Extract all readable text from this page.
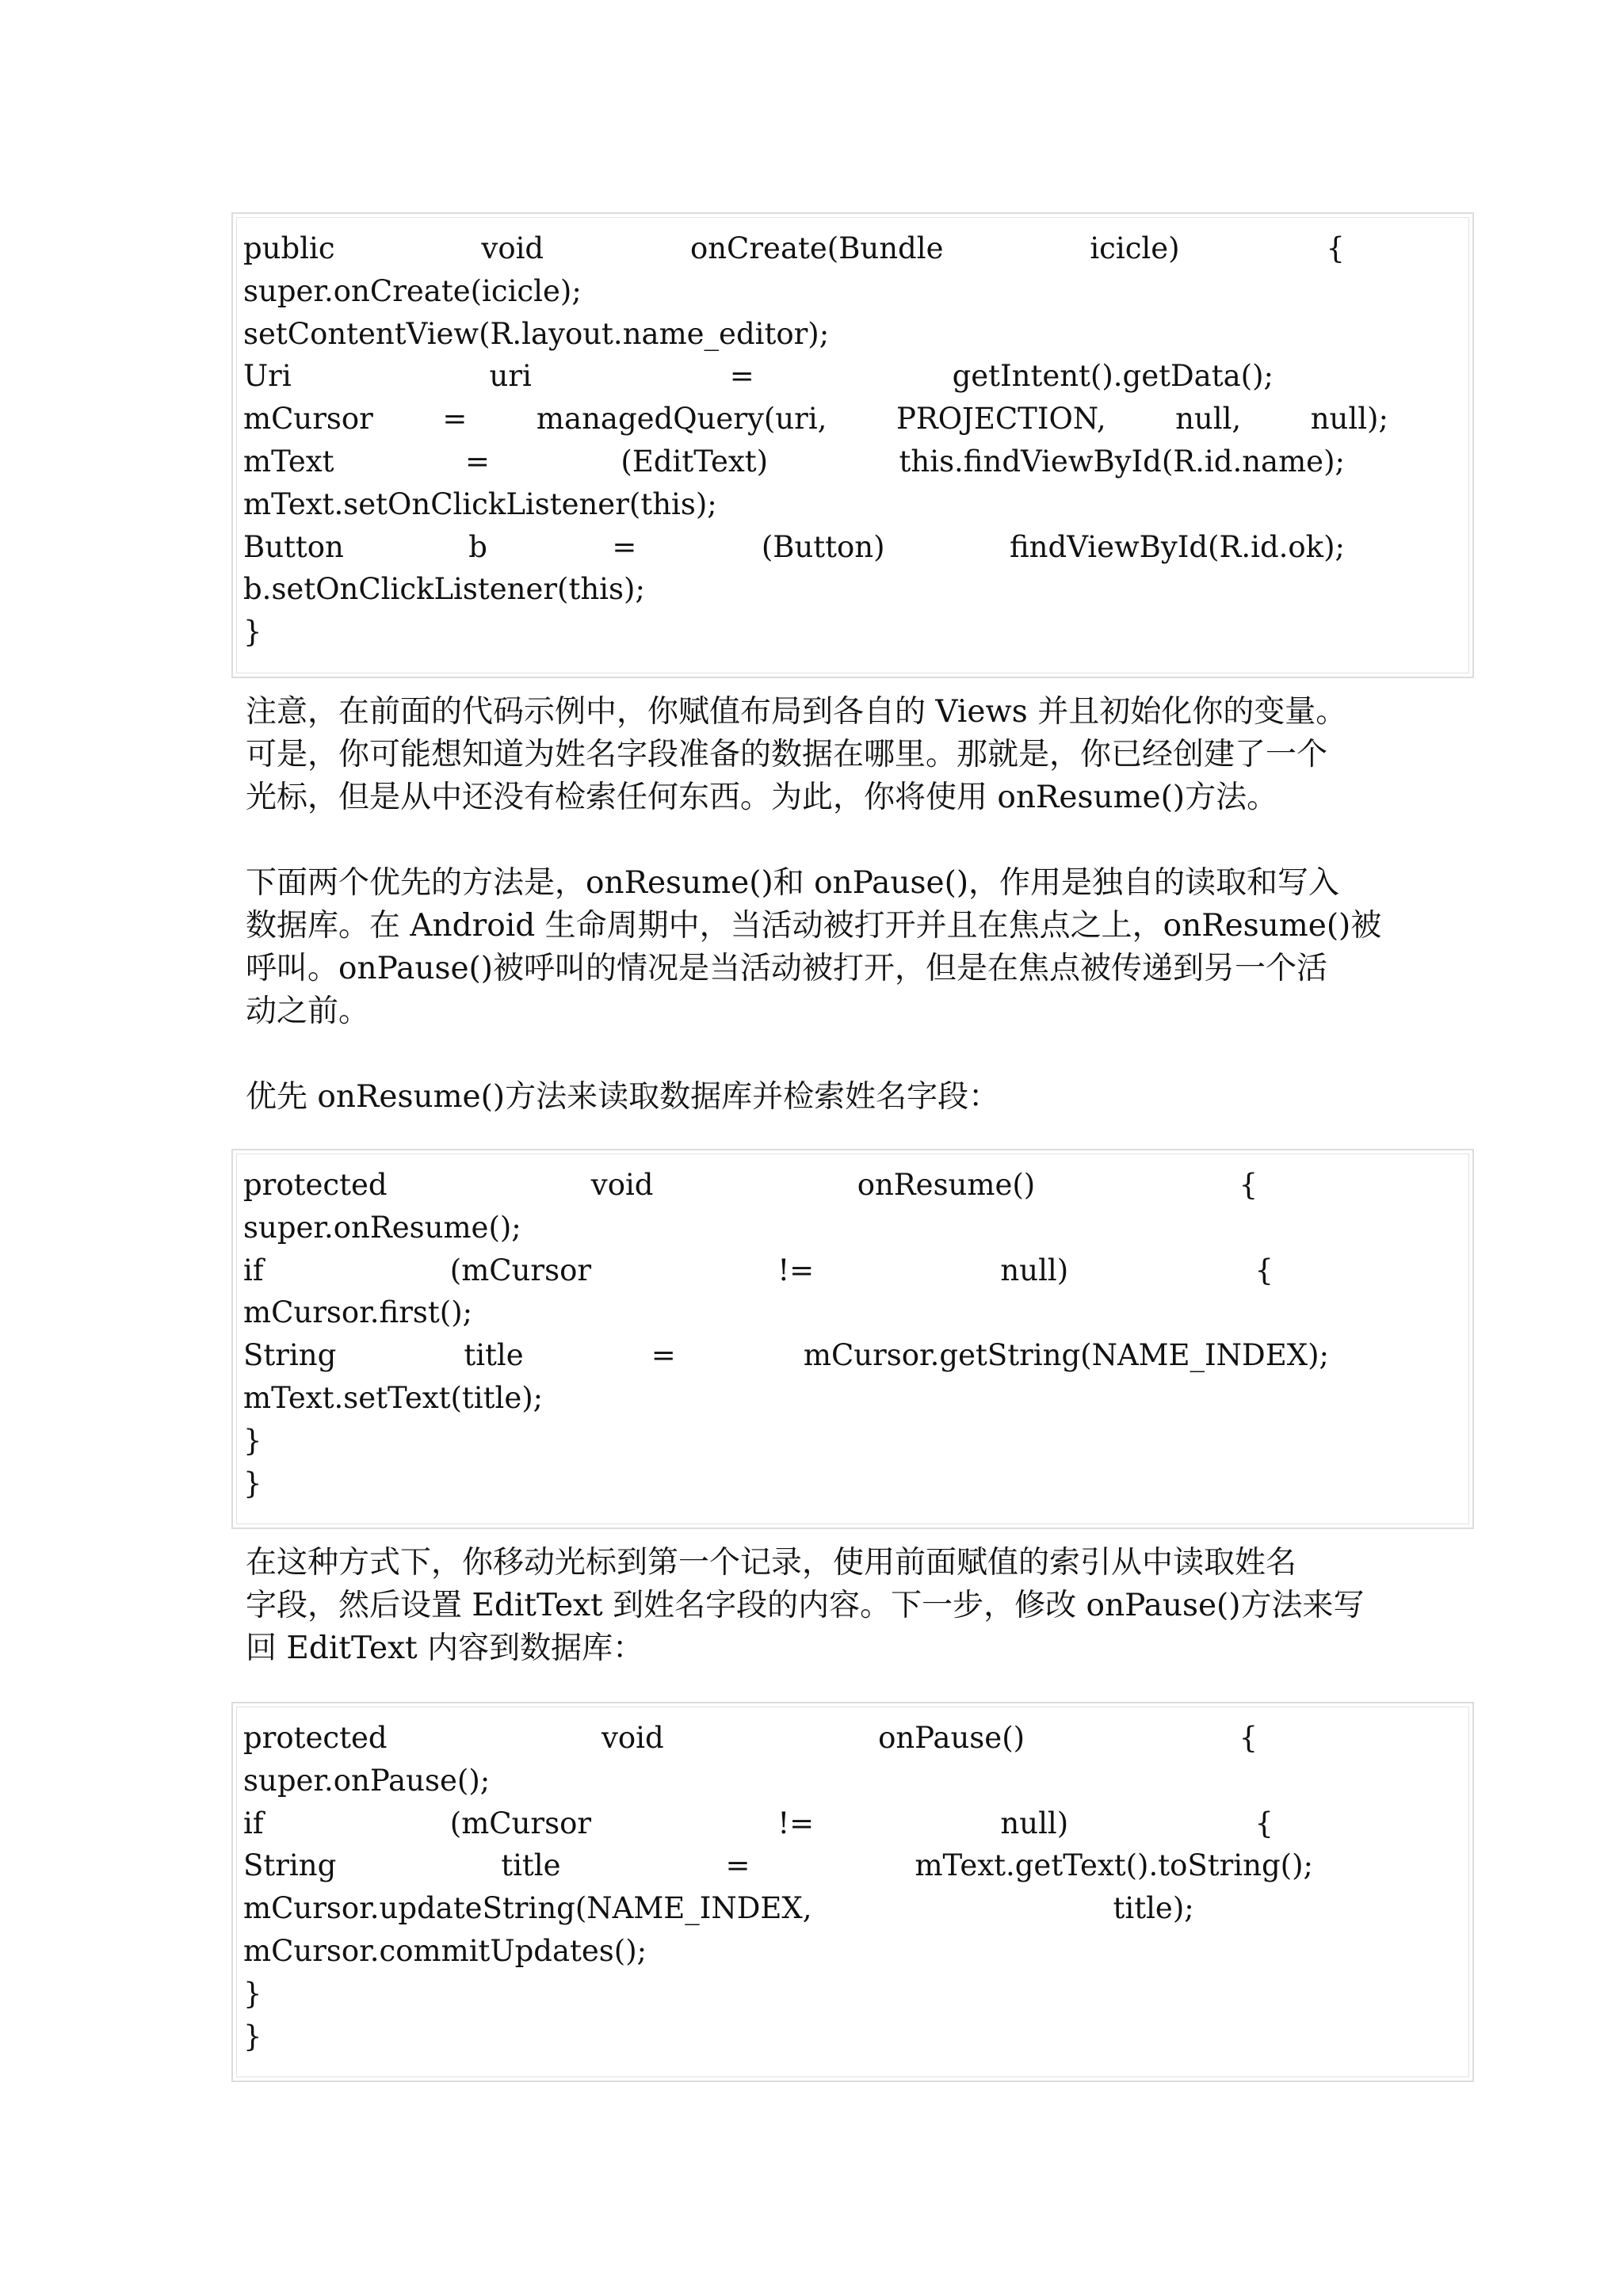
public	void	onCreate(Bundle	icicle)	{
super.onCreate(icicle);
setContentView(R.layout.name_editor);
Uri	uri	=	getIntent().getData();
mCursor = managedQuery(uri, PROJECTION, null, null);
mText	=	(EditText)	this.findViewById(R.id.name);
mText.setOnClickListener(this);
Button	b	=	(Button)	findViewById(R.id.ok);
b.setOnClickListener(this);
}
注意，在前面的代码示例中，你赋值布局到各自的 Views 并且初始化你的变量。
可是，你可能想知道为姓名字段准备的数据在哪里。那就是，你已经创建了一个
光标，但是从中还没有检索任何东西。为此，你将使用 onResume()方法。
下面两个优先的方法是，onResume()和 onPause()，作用是独自的读取和写入
数据库。在 Android 生命周期中，当活动被打开并且在焦点之上，onResume()被
呼叫。onPause()被呼叫的情况是当活动被打开，但是在焦点被传递到另一个活
动之前。
优先 onResume()方法来读取数据库并检索姓名字段：
protected	void	onResume()	{
super.onResume();
if	(mCursor	!=	null)	{
mCursor.first();
String	title	=	mCursor.getString(NAME_INDEX);
mText.setText(title);
}
}
在这种方式下，你移动光标到第一个记录，使用前面赋值的索引从中读取姓名
字段，然后设置 EditText 到姓名字段的内容。下一步，修改 onPause()方法来写
回 EditText 内容到数据库：
protected	void	onPause()	{
super.onPause();
if	(mCursor	!=	null)	{
String	title	=	mText.getText().toString();
mCursor.updateString(NAME_INDEX,	title);
mCursor.commitUpdates();
}
}
